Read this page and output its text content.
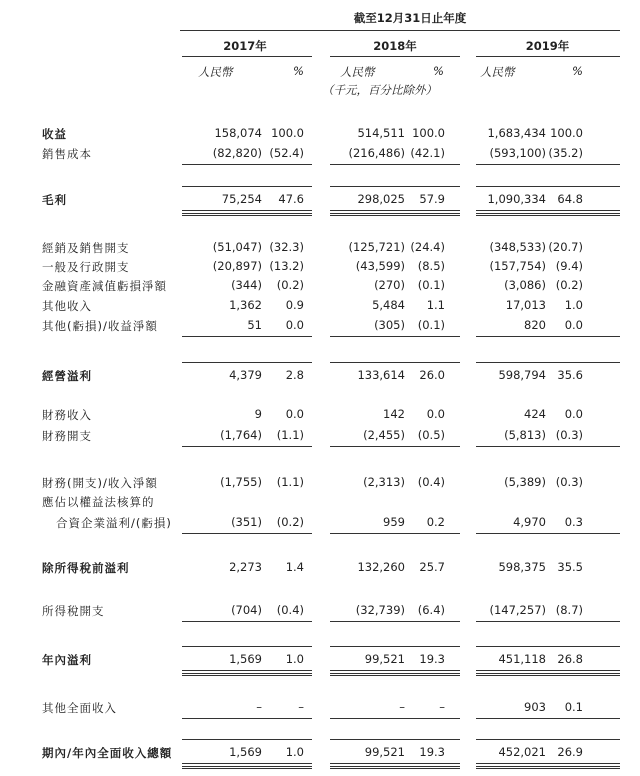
截至12月31日止年度
2017年	2018年	2019年
人民幣	%	人民幣	%	人民幣	%
（千元，百分比除外）
收益	158,074 100.0	514,511 100.0	1,683,434 100.0
銷售成本	(82,820) (52.4)	(216,486) (42.1)	(593,100) (35.2)
毛利	75,254	47.6	298,025	57.9	1,090,334 64.8
經銷及銷售開支	(51,047) (32.3)	(125,721) (24.4)	(348,533) (20.7)
一般及行政開支	(20,897) (13.2)	(43,599)	(8.5)	(157,754) (9.4)
金融資產減值虧損淨額	(344)	(0.2)	(270)	(0.1)	(3,086) (0.2)
其他收入	1,362	0.9	5,484	1.1	17,013	1.0
其他(虧損)/收益淨額	51	0.0	(305)	(0.1)	820	0.0
經營溢利	4,379	2.8	133,614	26.0	598,794 35.6
財務收入	9	0.0	142	0.0	424	0.0
財務開支	(1,764)	(1.1)	(2,455)	(0.5)	(5,813) (0.3)
財務(開支)/收入淨額	(1,755)	(1.1)	(2,313)	(0.4)	(5,389) (0.3)
應佔以權益法核算的
合資企業溢利/(虧損)	(351)	(0.2)	959	0.2	4,970	0.3
除所得稅前溢利	2,273	1.4	132,260	25.7	598,375 35.5
所得稅開支	(704)	(0.4)	(32,739)	(6.4)	(147,257) (8.7)
年內溢利	1,569	1.0	99,521	19.3	451,118 26.8
其他全面收入	–	–	–	–	903	0.1
期內/年內全面收入總額	1,569	1.0	99,521	19.3	452,021 26.9
